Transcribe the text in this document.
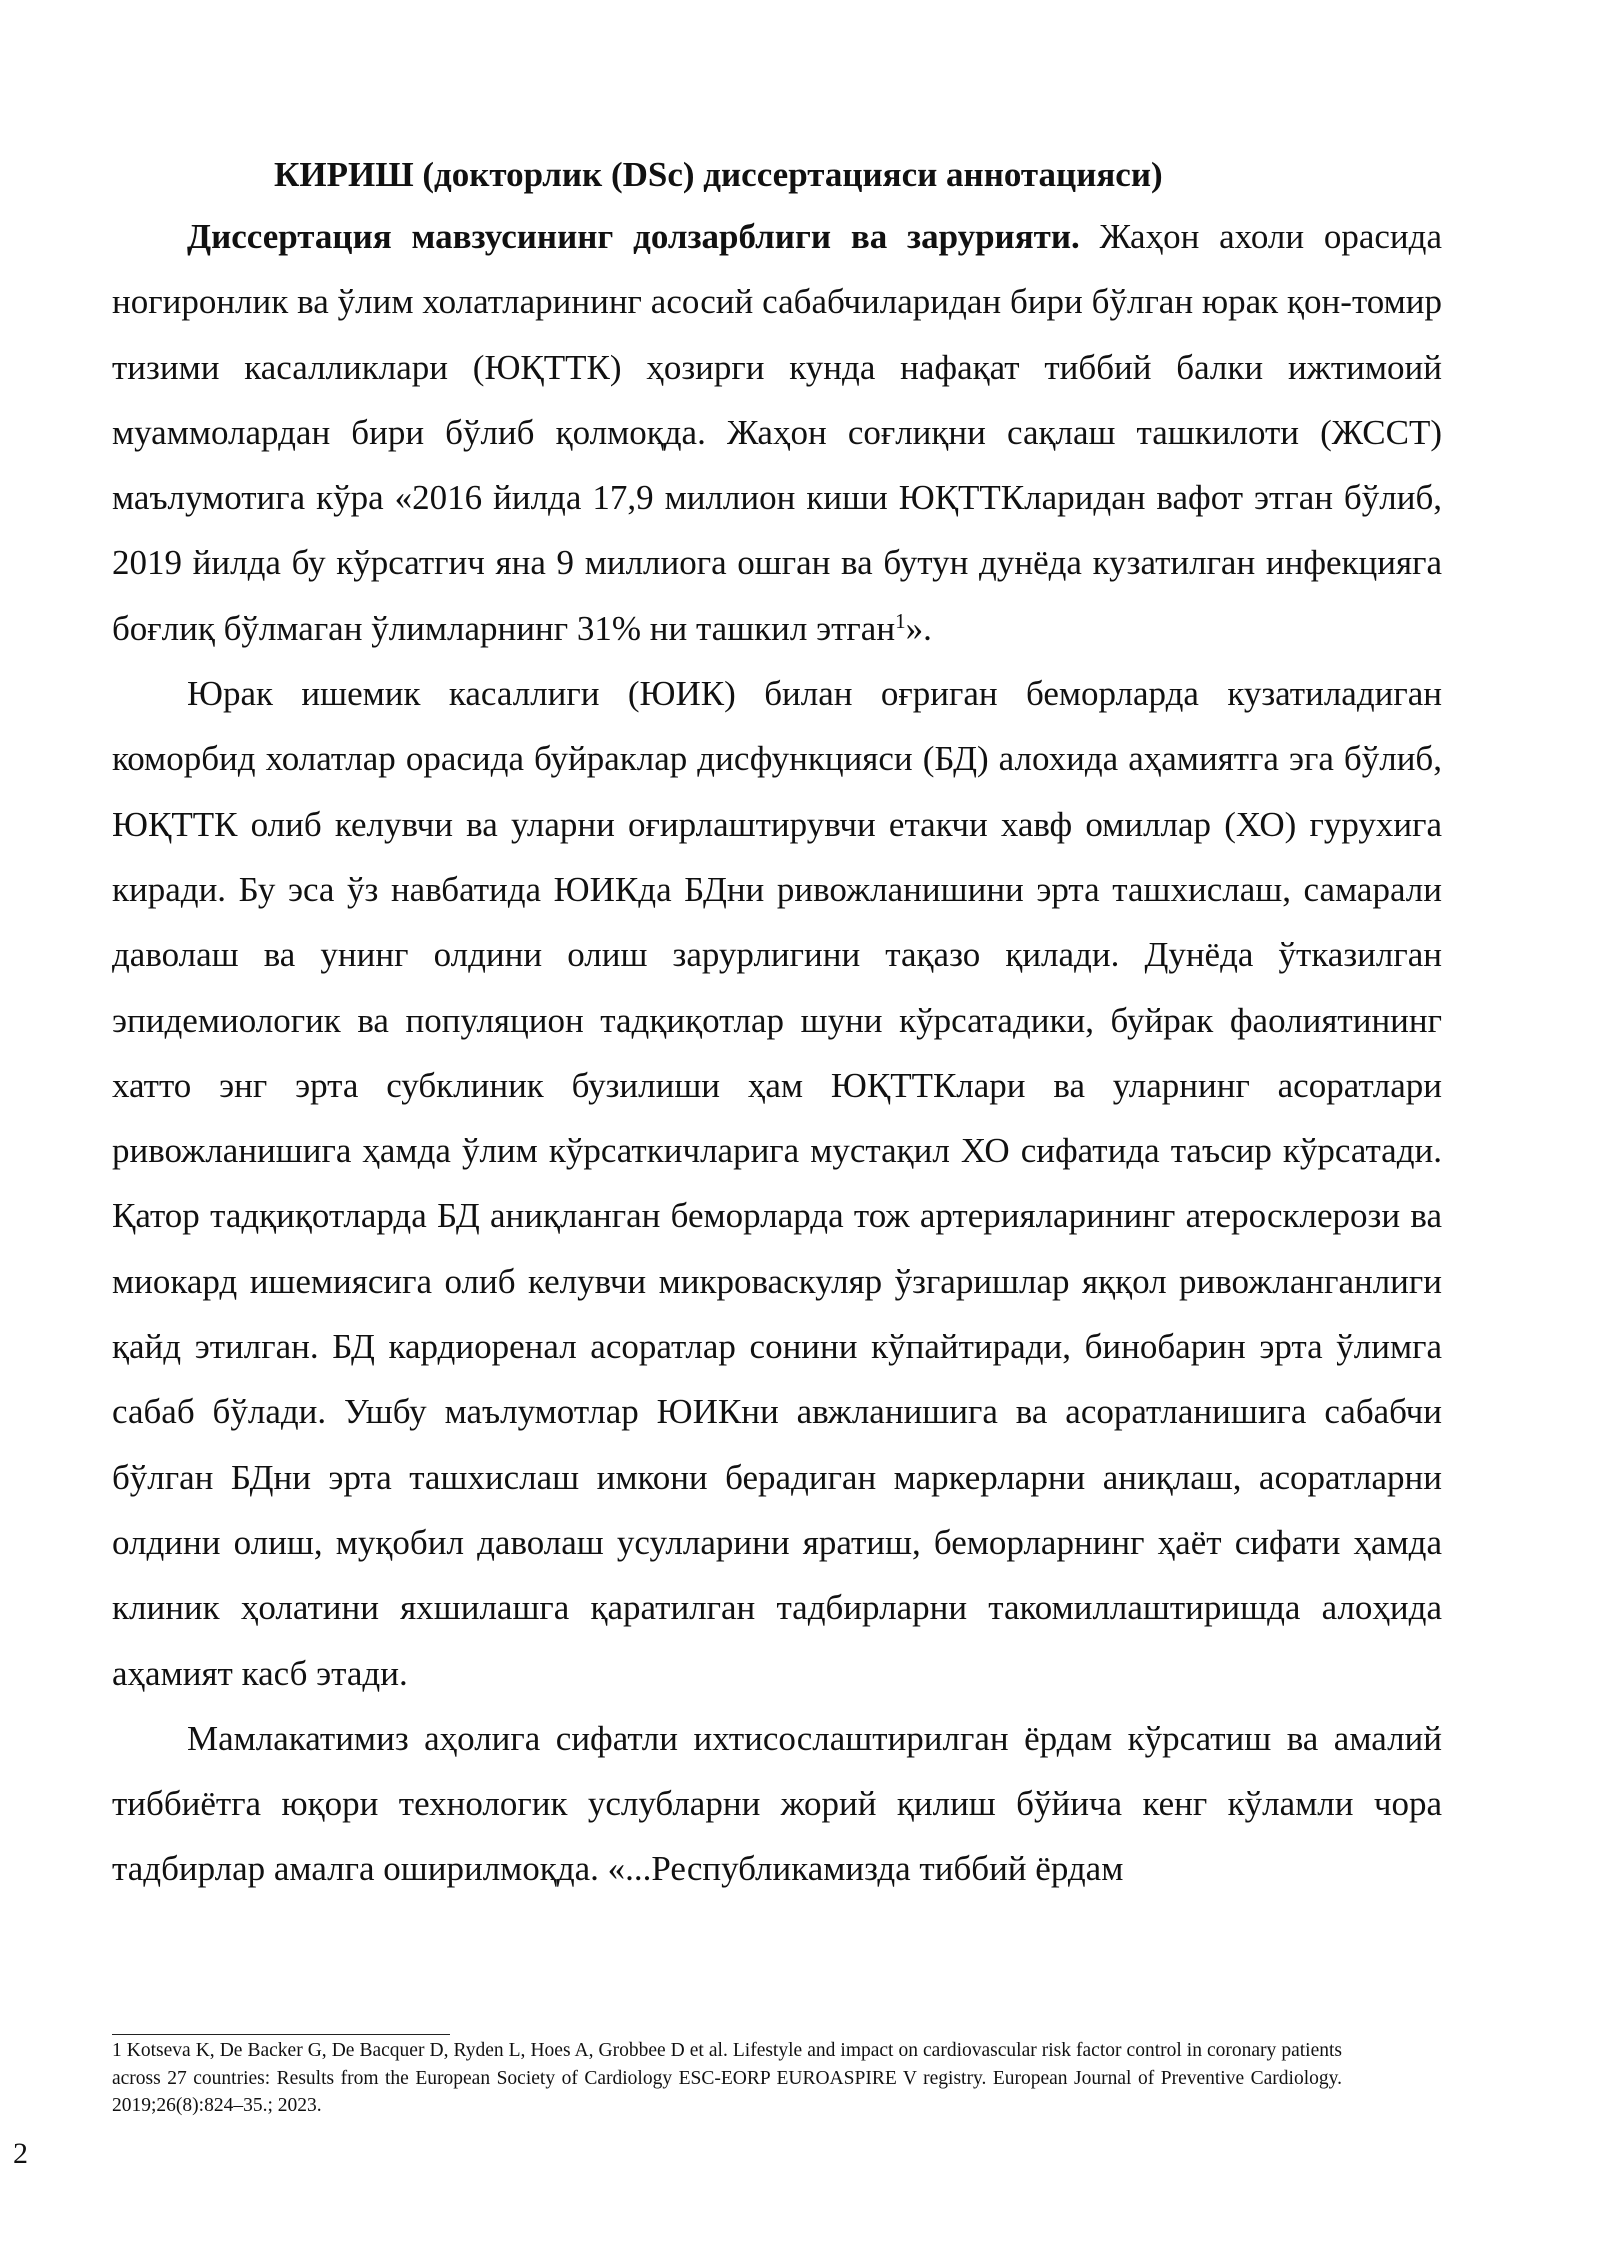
КИРИШ (докторлик (DSc) диссертацияси аннотацияси)

Диссертация мавзусининг долзарблиги ва зарурияти. Жаҳон ахоли орасида ногиронлик ва ўлим холатларининг асосий сабабчиларидан бири бўлган юрак қон-томир тизими касалликлари (ЮҚТТК) ҳозирги кунда нафақат тиббий балки ижтимоий муаммолардан бири бўлиб қолмоқда. Жаҳон соғлиқни сақлаш ташкилоти (ЖССТ) маълумотига кўра «2016 йилда 17,9 миллион киши ЮҚТТКларидан вафот этган бўлиб, 2019 йилда бу кўрсатгич яна 9 миллиога ошган ва бутун дунёда кузатилган инфекцияга боғлиқ бўлмаган ўлимларнинг 31% ни ташкил этган$^1$».

Юрак ишемик касаллиги (ЮИК) билан оғриган беморларда кузатиладиган коморбид холатлар орасида буйраклар дисфункцияси (БД) алохида аҳамиятга эга бўлиб, ЮҚТТК олиб келувчи ва уларни оғирлаштирувчи етакчи хавф омиллар (ХО) гурухига киради. Бу эса ўз навбатида ЮИКда БДни ривожланишини эрта ташхислаш, самарали даволаш ва унинг олдини олиш зарурлигини тақазо қилади. Дунёда ўтказилган эпидемиологик ва популяцион тадқиқотлар шуни кўрсатадики, буйрак фаолиятининг хатто энг эрта субклиник бузилиши ҳам ЮҚТТКлари ва уларнинг асоратлари ривожланишига ҳамда ўлим кўрсаткичларига мустақил ХО сифатида таъсир кўрсатади. Қатор тадқиқотларда БД аниқланган беморларда тож артерияларининг атеросклерози ва миокард ишемиясига олиб келувчи микроваскуляр ўзгаришлар яққол ривожланганлиги қайд этилган. БД кардиоренал асоратлар сонини кўпайтиради, бинобарин эрта ўлимга сабаб бўлади. Ушбу маълумотлар ЮИКни авжланишига ва асоратланишига сабабчи бўлган БДни эрта ташхислаш имкони берадиган маркерларни аниқлаш, асоратларни олдини олиш, муқобил даволаш усулларини яратиш, беморларнинг ҳаёт сифати ҳамда клиник ҳолатини яхшилашга қаратилган тадбирларни такомиллаштиришда алоҳида аҳамият касб этади.

Мамлакатимиз аҳолига сифатли ихтисослаштирилган ёрдам кўрсатиш ва амалий тиббиётга юқори технологик услубларни жорий қилиш бўйича кенг кўламли чора тадбирлар амалга оширилмоқда. «...Республикамизда тиббий ёрдам

1 Kotseva K, De Backer G, De Bacquer D, Ryden L, Hoes A, Grobbee D et al. Lifestyle and impact on cardiovascular risk factor control in coronary patients across 27 countries: Results from the European Society of Cardiology ESC-EORP EUROASPIRE V registry. European Journal of Preventive Cardiology. 2019;26(8):824–35.; 2023.

2
